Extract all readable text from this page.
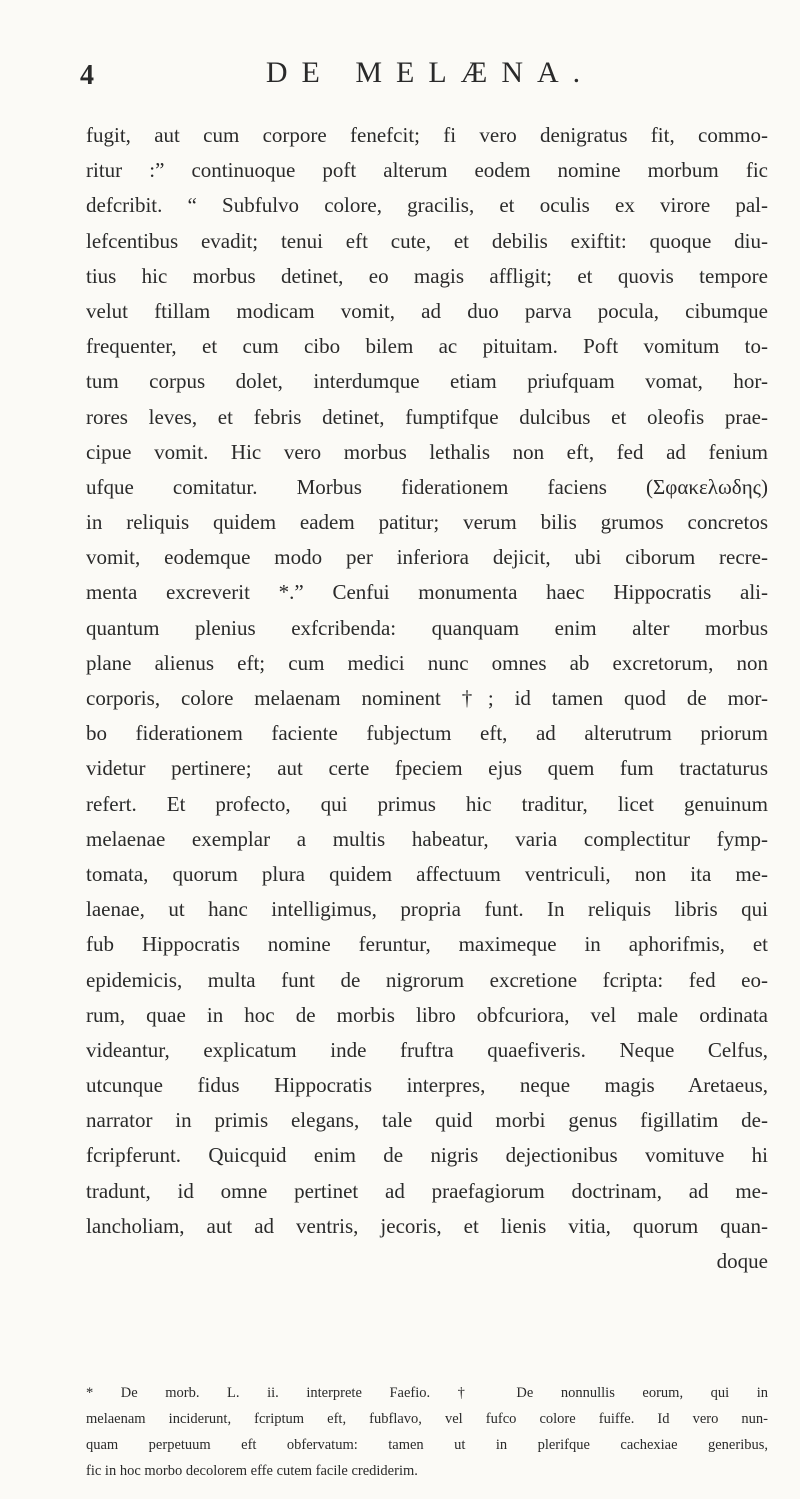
4	DE MELÆNA.
fugit, aut cum corpore fenefcit; fi vero denigratus fit, commo-
ritur :” continuoque poft alterum eodem nomine morbum fic
defcribit. “ Subfulvo colore, gracilis, et oculis ex virore pal-
lefcentibus evadit; tenui eft cute, et debilis exiftit: quoque diu-
tius hic morbus detinet, eo magis affligit; et quovis tempore
velut ftillam modicam vomit, ad duo parva pocula, cibumque
frequenter, et cum cibo bilem ac pituitam. Poft vomitum to-
tum corpus dolet, interdumque etiam priufquam vomat, hor-
rores leves, et febris detinet, fumptifque dulcibus et oleofis prae-
cipue vomit. Hic vero morbus lethalis non eft, fed ad fenium
ufque comitatur. Morbus fiderationem faciens (Σφακελωδης)
in reliquis quidem eadem patitur; verum bilis grumos concretos
vomit, eodemque modo per inferiora dejicit, ubi ciborum recre-
menta excreverit *.” Cenfui monumenta haec Hippocratis ali-
quantum plenius exfcribenda: quanquam enim alter morbus
plane alienus eft; cum medici nunc omnes ab excretorum, non
corporis, colore melaenam nominent †; id tamen quod de mor-
bo fiderationem faciente fubjectum eft, ad alterutrum priorum
videtur pertinere; aut certe fpeciem ejus quem fum tractaturus
refert. Et profecto, qui primus hic traditur, licet genuinum
melaenae exemplar a multis habeatur, varia complectitur fymp-
tomata, quorum plura quidem affectuum ventriculi, non ita me-
laenae, ut hanc intelligimus, propria funt. In reliquis libris qui
fub Hippocratis nomine feruntur, maximeque in aphorifmis, et
epidemicis, multa funt de nigrorum excretione fcripta: fed eo-
rum, quae in hoc de morbis libro obfcuriora, vel male ordinata
videantur, explicatum inde fruftra quaefiveris. Neque Celfus,
utcunque fidus Hippocratis interpres, neque magis Aretaeus,
narrator in primis elegans, tale quid morbi genus figillatim de-
fcripferunt. Quicquid enim de nigris dejectionibus vomituve hi
tradunt, id omne pertinet ad praefagiorum doctrinam, ad me-
lancholiam, aut ad ventris, jecoris, et lienis vitia, quorum quan-
doque
* De morb. L. ii. interprete Faefio. † De nonnullis eorum, qui in
melaenam inciderunt, fcriptum eft, fubflavo, vel fufco colore fuiffe. Id vero nun-
quam perpetuum eft obfervatum: tamen ut in plerifque cachexiae generibus,
fic in hoc morbo decolorem effe cutem facile crediderim.
